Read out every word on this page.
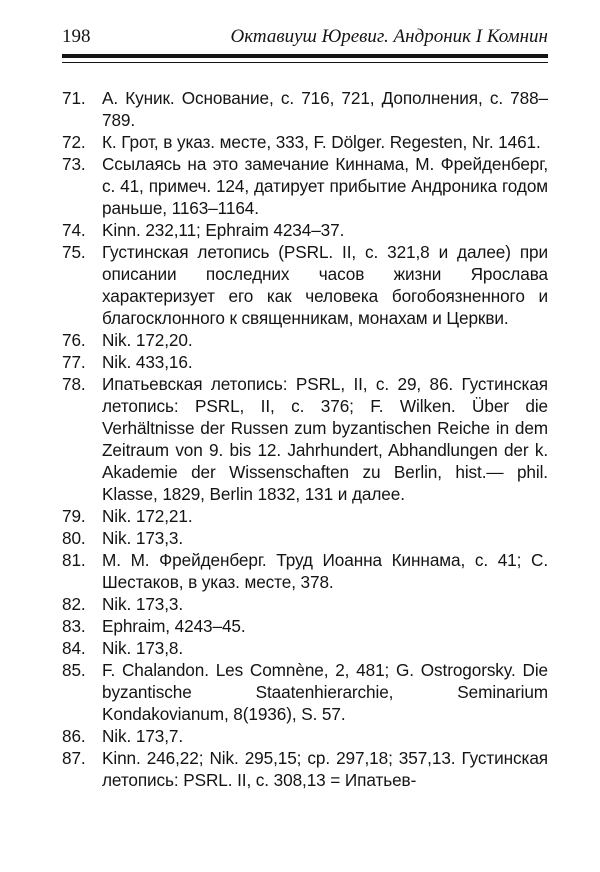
198	Октавиуш Юревиг. Андроник I Комнин
71. А. Куник. Основание, с. 716, 721, Дополнения, с. 788–789.
72. К. Грот, в указ. месте, 333, F. Dölger. Regesten, Nr. 1461.
73. Ссылаясь на это замечание Киннама, М. Фрейденберг, с. 41, примеч. 124, датирует прибытие Андроника годом раньше, 1163–1164.
74. Kinn. 232,11; Ephraim 4234–37.
75. Густинская летопись (PSRL. II, с. 321,8 и далее) при описании последних часов жизни Ярослава характеризует его как человека богобоязненного и благосклонного к священникам, монахам и Церкви.
76. Nik. 172,20.
77. Nik. 433,16.
78. Ипатьевская летопись: PSRL, II, с. 29, 86. Густинская летопись: PSRL, II, с. 376; F. Wilken. Über die Verhältnisse der Russen zum byzantischen Reiche in dem Zeitraum von 9. bis 12. Jahrhundert, Abhandlungen der k. Akademie der Wissenschaften zu Berlin, hist.— phil. Klasse, 1829, Berlin 1832, 131 и далее.
79. Nik. 172,21.
80. Nik. 173,3.
81. М. М. Фрейденберг. Труд Иоанна Киннама, с. 41; С. Шестаков, в указ. месте, 378.
82. Nik. 173,3.
83. Ephraim, 4243–45.
84. Nik. 173,8.
85. F. Chalandon. Les Comnène, 2, 481; G. Ostrogorsky. Die byzantische Staatenhierarchie, Seminarium Kondakovianum, 8(1936), S. 57.
86. Nik. 173,7.
87. Kinn. 246,22; Nik. 295,15; ср. 297,18; 357,13. Густинская летопись: PSRL. II, с. 308,13 = Ипатьев-
